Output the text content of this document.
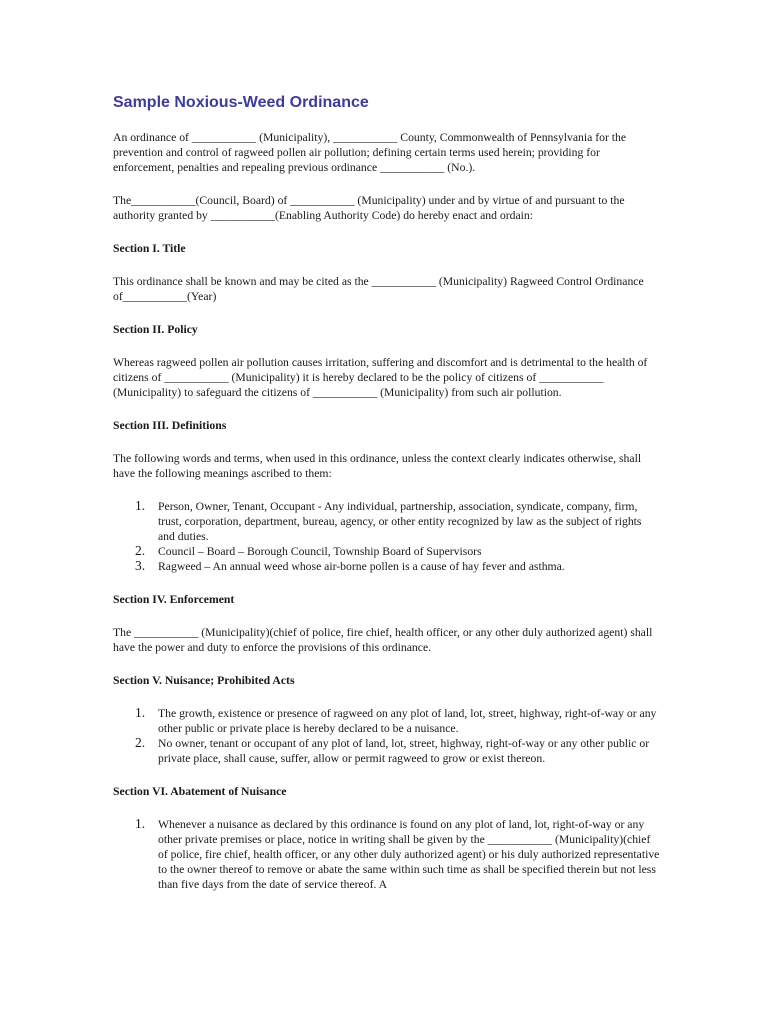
Sample Noxious-Weed Ordinance

An ordinance of ___________ (Municipality), ___________ County, Commonwealth of Pennsylvania for the prevention and control of ragweed pollen air pollution; defining certain terms used herein; providing for enforcement, penalties and repealing previous ordinance ___________ (No.).

The___________(Council, Board) of ___________ (Municipality) under and by virtue of and pursuant to the authority granted by ___________(Enabling Authority Code) do hereby enact and ordain:

Section I. Title

This ordinance shall be known and may be cited as the ___________ (Municipality) Ragweed Control Ordinance of___________(Year)

Section II. Policy

Whereas ragweed pollen air pollution causes irritation, suffering and discomfort and is detrimental to the health of citizens of ___________ (Municipality) it is hereby declared to be the policy of citizens of ___________ (Municipality) to safeguard the citizens of ___________ (Municipality) from such air pollution.

Section III. Definitions

The following words and terms, when used in this ordinance, unless the context clearly indicates otherwise, shall have the following meanings ascribed to them:

1. Person, Owner, Tenant, Occupant - Any individual, partnership, association, syndicate, company, firm, trust, corporation, department, bureau, agency, or other entity recognized by law as the subject of rights and duties.
2. Council – Board – Borough Council, Township Board of Supervisors
3. Ragweed – An annual weed whose air-borne pollen is a cause of hay fever and asthma.
Section IV. Enforcement

The ___________ (Municipality)(chief of police, fire chief, health officer, or any other duly authorized agent) shall have the power and duty to enforce the provisions of this ordinance.

Section V. Nuisance; Prohibited Acts
1. The growth, existence or presence of ragweed on any plot of land, lot, street, highway, right-of-way or any other public or private place is hereby declared to be a nuisance.
2. No owner, tenant or occupant of any plot of land, lot, street, highway, right-of-way or any other public or private place, shall cause, suffer, allow or permit ragweed to grow or exist thereon.
Section VI. Abatement of Nuisance
1. Whenever a nuisance as declared by this ordinance is found on any plot of land, lot, right-of-way or any other private premises or place, notice in writing shall be given by the ___________ (Municipality)(chief of police, fire chief, health officer, or any other duly authorized agent) or his duly authorized representative to the owner thereof to remove or abate the same within such time as shall be specified therein but not less than five days from the date of service thereof. A
